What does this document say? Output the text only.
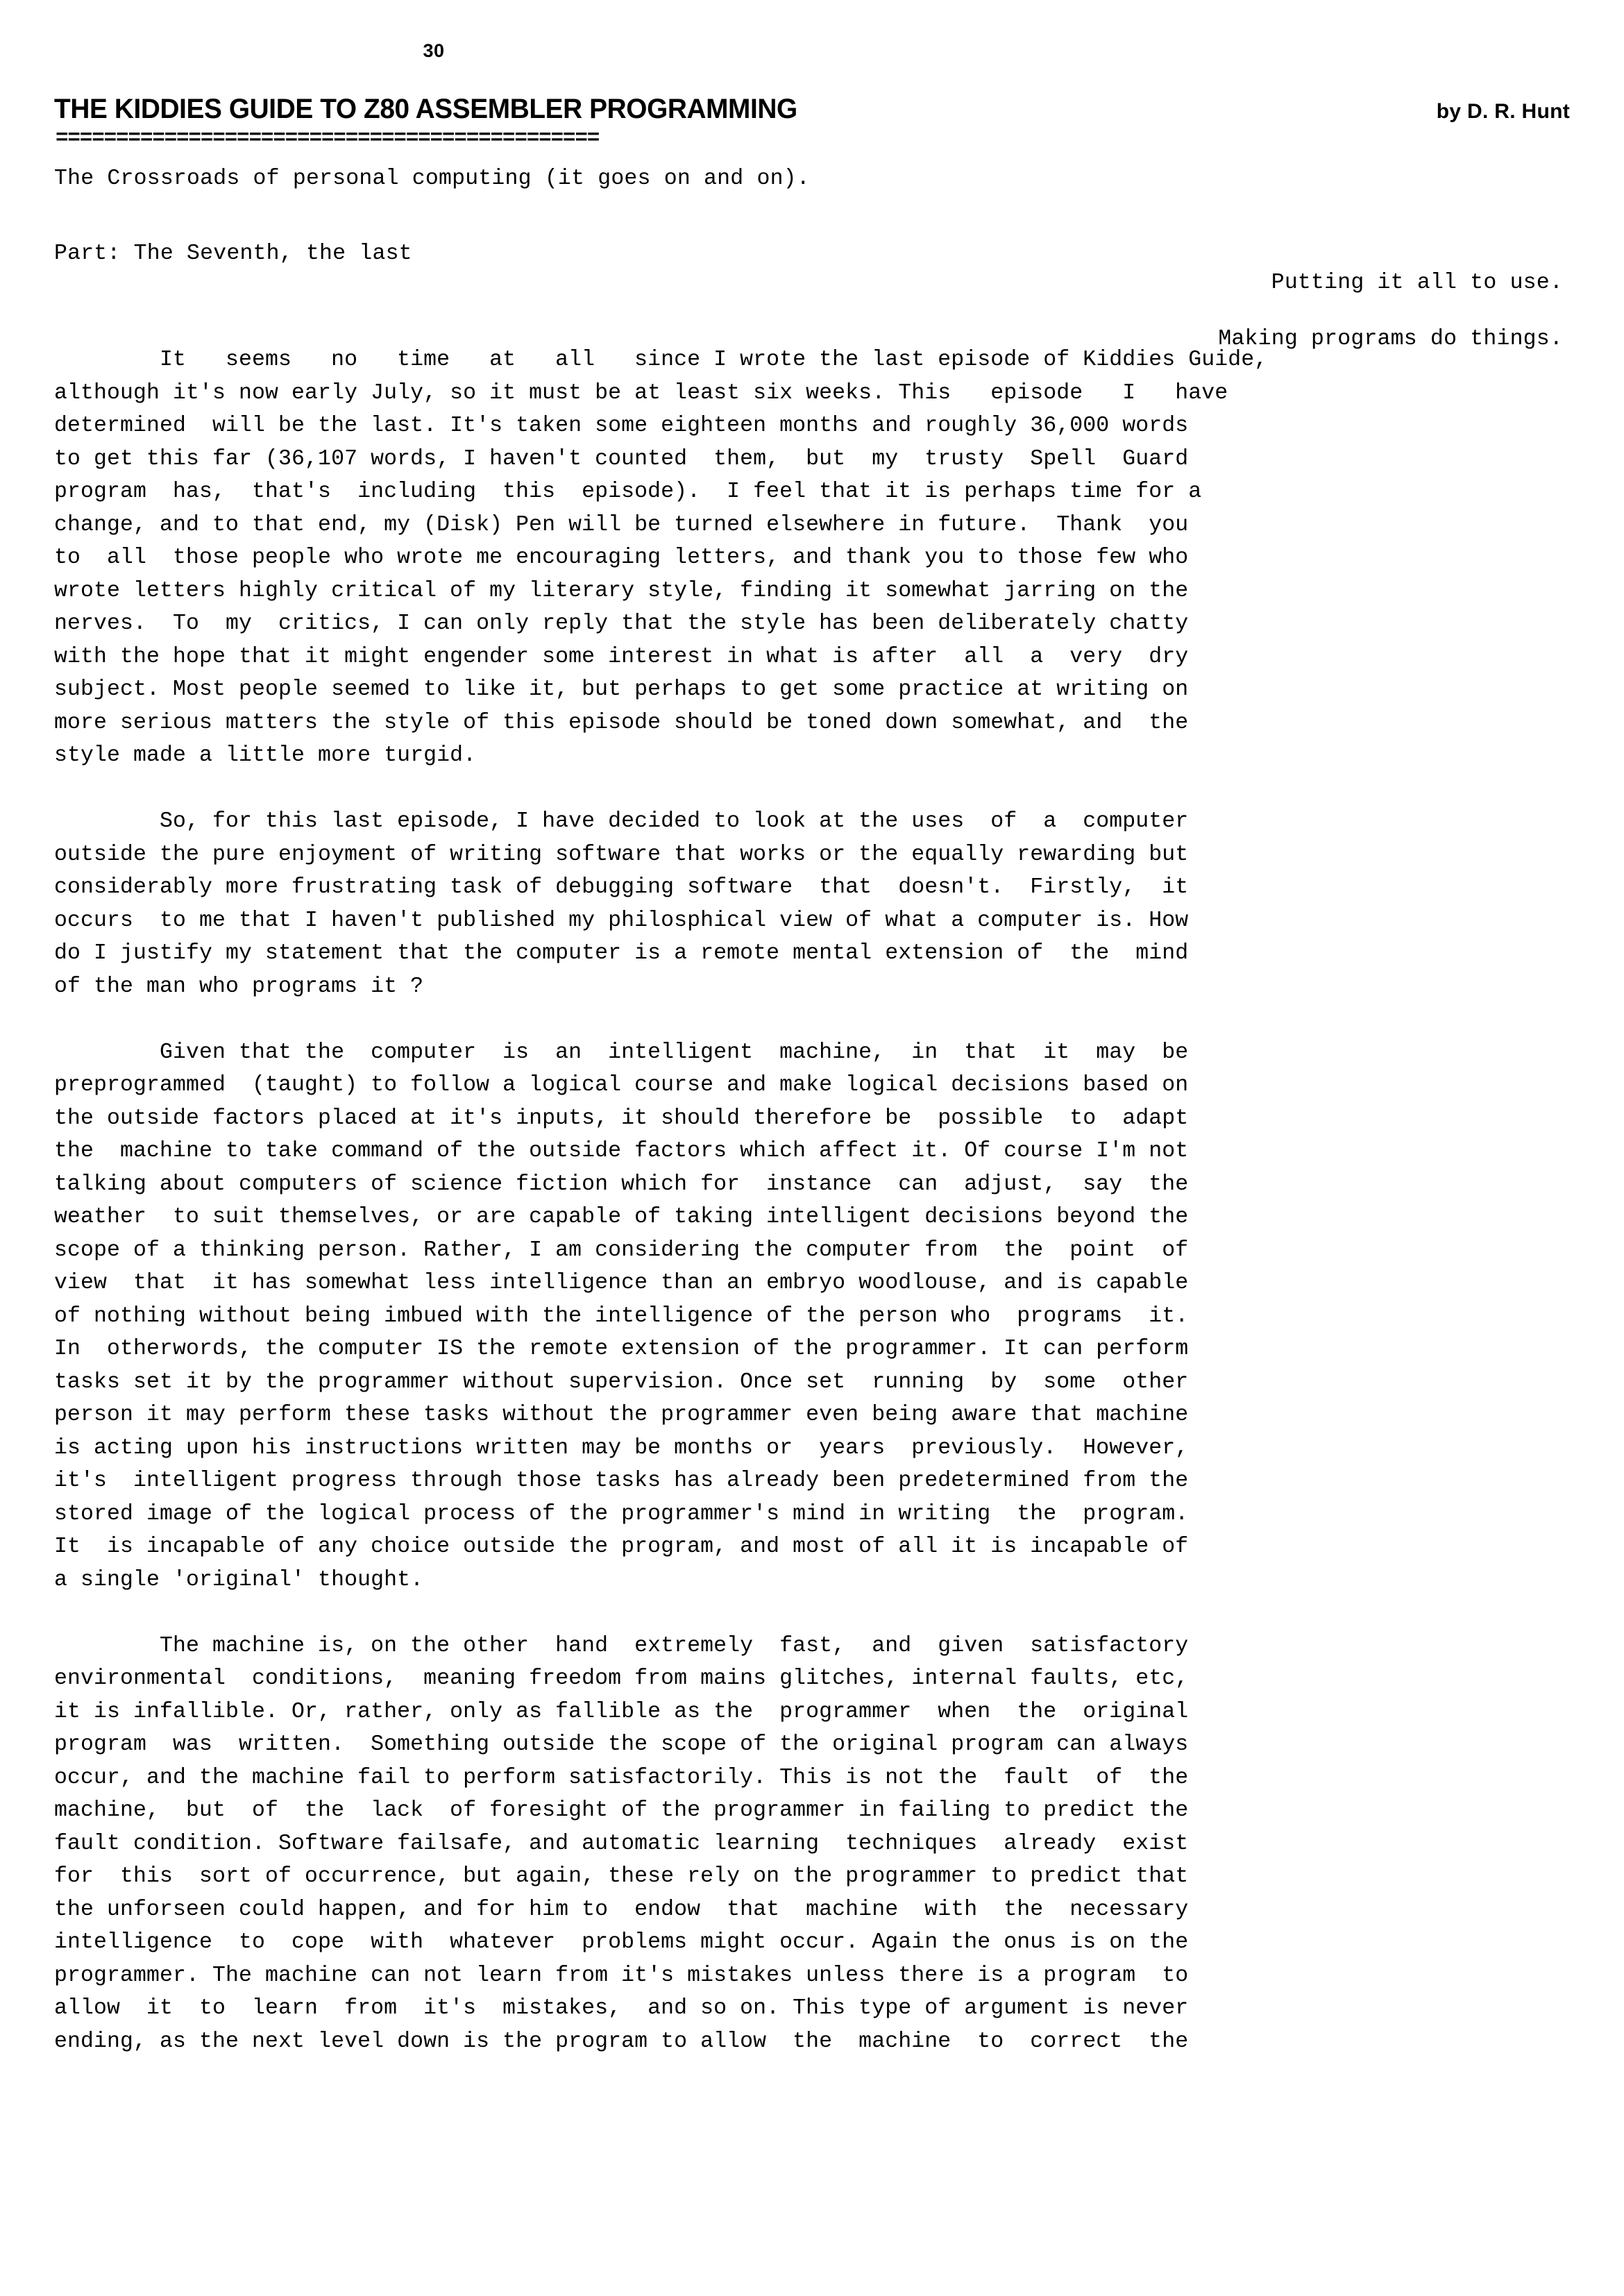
30
THE KIDDIES GUIDE TO Z80 ASSEMBLER PROGRAMMING	by D. R. Hunt
=============================================
The Crossroads of personal computing (it goes on and on).
Part: The Seventh, the last

Putting it all to use.

Making programs do things.

It   seems   no   time   at   all   since I wrote the last episode of Kiddies Guide,
although it's now early July, so it must be at least six weeks. This   episode   I   have
determined  will be the last. It's taken some eighteen months and roughly 36,000 words
to get this far (36,107 words, I haven't counted  them,  but  my  trusty  Spell  Guard
program  has,  that's  including  this  episode).  I feel that it is perhaps time for a
change, and to that end, my (Disk) Pen will be turned elsewhere in future.  Thank  you
to  all  those people who wrote me encouraging letters, and thank you to those few who
wrote letters highly critical of my literary style, finding it somewhat jarring on the
nerves.  To  my  critics, I can only reply that the style has been deliberately chatty
with the hope that it might engender some interest in what is after  all  a  very  dry
subject. Most people seemed to like it, but perhaps to get some practice at writing on
more serious matters the style of this episode should be toned down somewhat, and  the
style made a little more turgid.

So, for this last episode, I have decided to look at the uses  of  a  computer
outside the pure enjoyment of writing software that works or the equally rewarding but
considerably more frustrating task of debugging software  that  doesn't.  Firstly,  it
occurs  to me that I haven't published my philosphical view of what a computer is. How
do I justify my statement that the computer is a remote mental extension of  the  mind
of the man who programs it ?

Given that the  computer  is  an  intelligent  machine,  in  that  it  may  be
preprogrammed  (taught) to follow a logical course and make logical decisions based on
the outside factors placed at it's inputs, it should therefore be  possible  to  adapt
the  machine to take command of the outside factors which affect it. Of course I'm not
talking about computers of science fiction which for  instance  can  adjust,  say  the
weather  to suit themselves, or are capable of taking intelligent decisions beyond the
scope of a thinking person. Rather, I am considering the computer from  the  point  of
view  that  it has somewhat less intelligence than an embryo woodlouse, and is capable
of nothing without being imbued with the intelligence of the person who  programs  it.
In  otherwords, the computer IS the remote extension of the programmer. It can perform
tasks set it by the programmer without supervision. Once set  running  by  some  other
person it may perform these tasks without the programmer even being aware that machine
is acting upon his instructions written may be months or  years  previously.  However,
it's  intelligent progress through those tasks has already been predetermined from the
stored image of the logical process of the programmer's mind in writing  the  program.
It  is incapable of any choice outside the program, and most of all it is incapable of
a single 'original' thought.

The machine is, on the other  hand  extremely  fast,  and  given  satisfactory
environmental  conditions,  meaning freedom from mains glitches, internal faults, etc,
it is infallible. Or, rather, only as fallible as the  programmer  when  the  original
program  was  written.  Something outside the scope of the original program can always
occur, and the machine fail to perform satisfactorily. This is not the  fault  of  the
machine,  but  of  the  lack  of foresight of the programmer in failing to predict the
fault condition. Software failsafe, and automatic learning  techniques  already  exist
for  this  sort of occurrence, but again, these rely on the programmer to predict that
the unforseen could happen, and for him to  endow  that  machine  with  the  necessary
intelligence  to  cope  with  whatever  problems might occur. Again the onus is on the
programmer. The machine can not learn from it's mistakes unless there is a program  to
allow  it  to  learn  from  it's  mistakes,  and so on. This type of argument is never
ending, as the next level down is the program to allow  the  machine  to  correct  the
